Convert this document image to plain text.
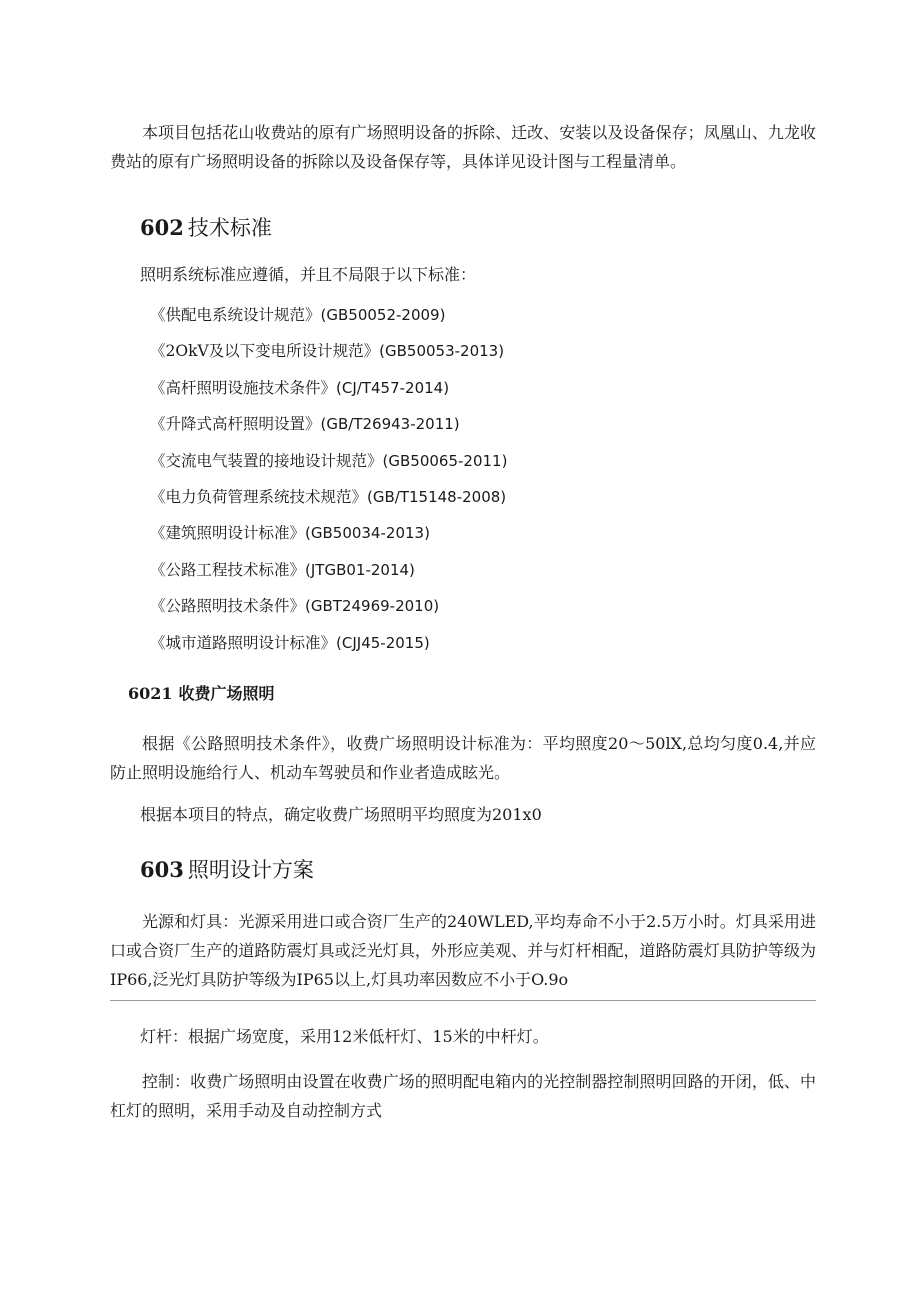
本项目包括花山收费站的原有广场照明设备的拆除、迁改、安装以及设备保存；凤凰山、九龙收费站的原有广场照明设备的拆除以及设备保存等，具体详见设计图与工程量清单。

602 技术标准

照明系统标准应遵循，并且不局限于以下标准：

《供配电系统设计规范》(GB50052-2009)
《2OkV及以下变电所设计规范》(GB50053-2013)
《高杆照明设施技术条件》(CJ/T457-2014)
《升降式高杆照明设置》(GB/T26943-2011)
《交流电气装置的接地设计规范》(GB50065-2011)
《电力负荷管理系统技术规范》(GB/T15148-2008)
《建筑照明设计标准》(GB50034-2013)
《公路工程技术标准》(JTGB01-2014)
《公路照明技术条件》(GBT24969-2010)
《城市道路照明设计标准》(CJJ45-2015)
6021 收费广场照明

根据《公路照明技术条件》，收费广场照明设计标准为：平均照度20～50lX,总均匀度0.4,并应防止照明设施给行人、机动车驾驶员和作业者造成眩光。

根据本项目的特点，确定收费广场照明平均照度为201x0

603 照明设计方案

光源和灯具：光源采用进口或合资厂生产的240WLED,平均寿命不小于2.5万小时。灯具采用进口或合资厂生产的道路防震灯具或泛光灯具，外形应美观、并与灯杆相配，道路防震灯具防护等级为IP66,泛光灯具防护等级为IP65以上,灯具功率因数应不小于O.9o

灯杆：根据广场宽度，采用12米低杆灯、15米的中杆灯。

控制：收费广场照明由设置在收费广场的照明配电箱内的光控制器控制照明回路的开闭，低、中杠灯的照明，采用手动及自动控制方式
